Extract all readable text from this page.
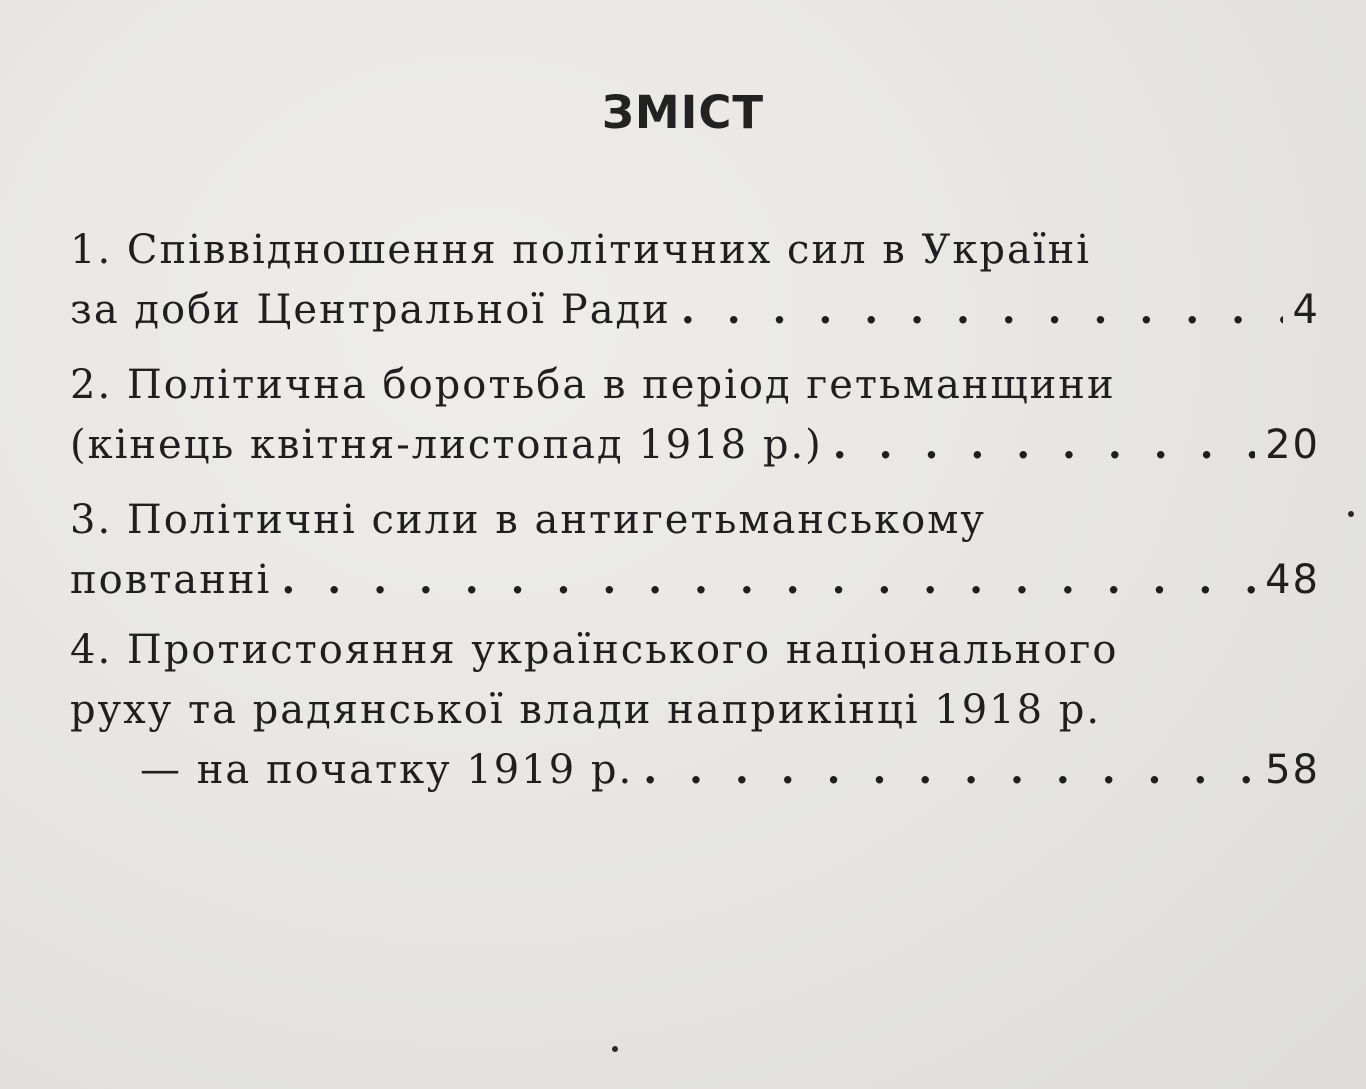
ЗМІСТ
1. Співвідношення політичних сил в Україні
за доби Центральної Ради . . .	4
2. Політична боротьба в період гетьманщини
(кінець квітня-листопад 1918 р.) . . .	20
3. Політичні сили в антигетьманському
повтанні . . .	48
4. Протистояння українського національного
руху та радянської влади наприкінці 1918 р.
— на початку 1919 р. . . .	58
